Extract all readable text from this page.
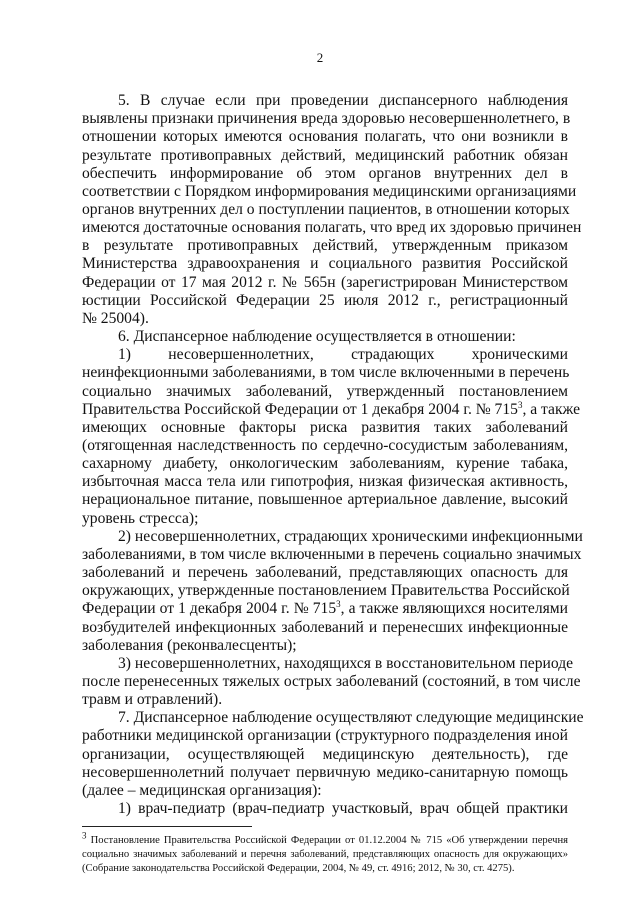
2
5. В случае если при проведении диспансерного наблюдения
выявлены признаки причинения вреда здоровью несовершеннолетнего, в
отношении которых имеются основания полагать, что они возникли в
результате противоправных действий, медицинский работник обязан
обеспечить информирование об этом органов внутренних дел в
соответствии с Порядком информирования медицинскими организациями
органов внутренних дел о поступлении пациентов, в отношении которых
имеются достаточные основания полагать, что вред их здоровью причинен
в результате противоправных действий, утвержденным приказом
Министерства здравоохранения и социального развития Российской
Федерации от 17 мая 2012 г. № 565н (зарегистрирован Министерством
юстиции Российской Федерации 25 июля 2012 г., регистрационный
№ 25004).
6. Диспансерное наблюдение осуществляется в отношении:
1) несовершеннолетних, страдающих хроническими
неинфекционными заболеваниями, в том числе включенными в перечень
социально значимых заболеваний, утвержденный постановлением
Правительства Российской Федерации от 1 декабря 2004 г. № $715^3$, а также
имеющих основные факторы риска развития таких заболеваний
(отягощенная наследственность по сердечно-сосудистым заболеваниям,
сахарному диабету, онкологическим заболеваниям, курение табака,
избыточная масса тела или гипотрофия, низкая физическая активность,
нерациональное питание, повышенное артериальное давление, высокий
уровень стресса);
2) несовершеннолетних, страдающих хроническими инфекционными
заболеваниями, в том числе включенными в перечень социально значимых
заболеваний и перечень заболеваний, представляющих опасность для
окружающих, утвержденные постановлением Правительства Российской
Федерации от 1 декабря 2004 г. № $715^3$, а также являющихся носителями
возбудителей инфекционных заболеваний и перенесших инфекционные
заболевания (реконвалесценты);
3) несовершеннолетних, находящихся в восстановительном периоде
после перенесенных тяжелых острых заболеваний (состояний, в том числе
травм и отравлений).
7. Диспансерное наблюдение осуществляют следующие медицинские
работники медицинской организации (структурного подразделения иной
организации, осуществляющей медицинскую деятельность), где
несовершеннолетний получает первичную медико-санитарную помощь
(далее – медицинская организация):
1) врач-педиатр (врач-педиатр участковый, врач общей практики
$^3$ Постановление Правительства Российской Федерации от 01.12.2004 № 715 «Об утверждении перечня
социально значимых заболеваний и перечня заболеваний, представляющих опасность для окружающих»
(Собрание законодательства Российской Федерации, 2004, № 49, ст. 4916; 2012, № 30, ст. 4275).
